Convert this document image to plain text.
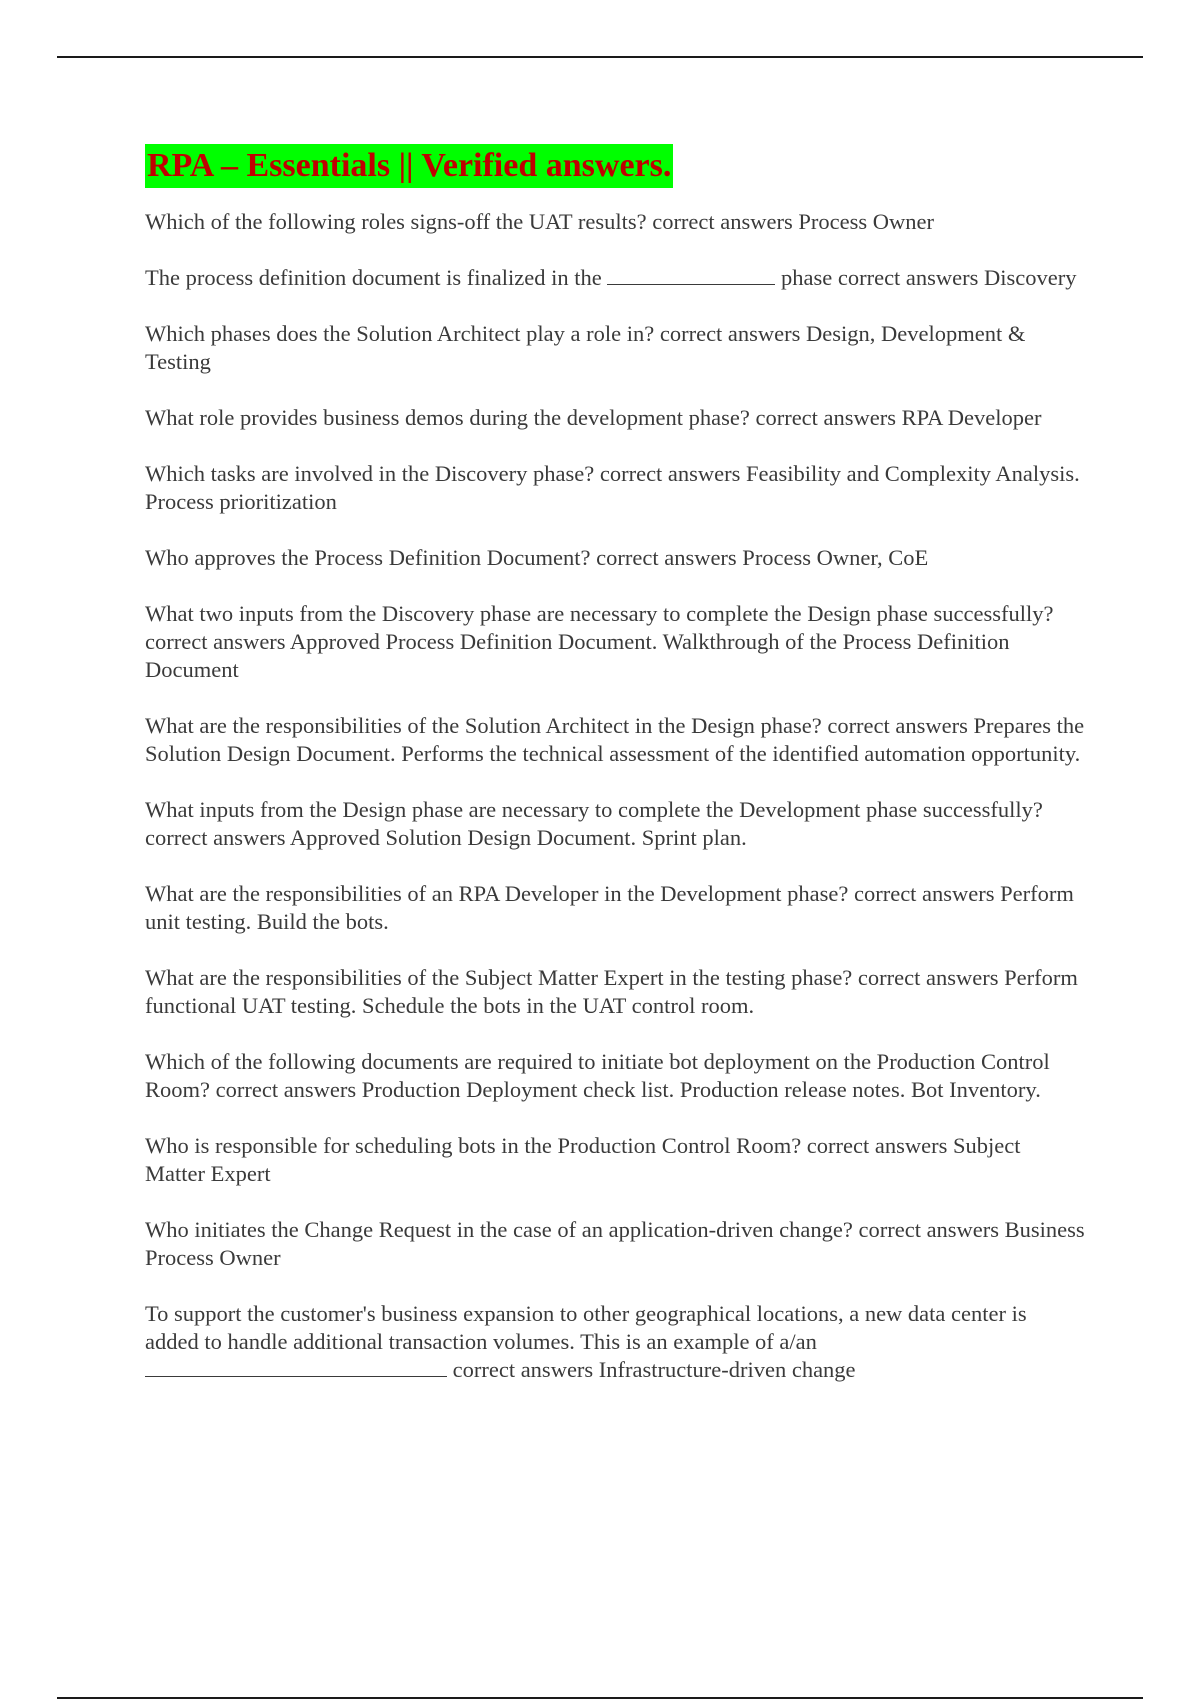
RPA – Essentials || Verified answers.

Which of the following roles signs-off the UAT results? correct answers Process Owner

The process definition document is finalized in the	phase correct answers Discovery

Which phases does the Solution Architect play a role in? correct answers Design, Development & Testing

What role provides business demos during the development phase? correct answers RPA Developer

Which tasks are involved in the Discovery phase? correct answers Feasibility and Complexity Analysis. Process prioritization

Who approves the Process Definition Document? correct answers Process Owner, CoE

What two inputs from the Discovery phase are necessary to complete the Design phase successfully? correct answers Approved Process Definition Document. Walkthrough of the Process Definition Document

What are the responsibilities of the Solution Architect in the Design phase? correct answers Prepares the Solution Design Document. Performs the technical assessment of the identified automation opportunity.

What inputs from the Design phase are necessary to complete the Development phase successfully? correct answers Approved Solution Design Document. Sprint plan.

What are the responsibilities of an RPA Developer in the Development phase? correct answers Perform unit testing. Build the bots.

What are the responsibilities of the Subject Matter Expert in the testing phase? correct answers Perform functional UAT testing. Schedule the bots in the UAT control room.

Which of the following documents are required to initiate bot deployment on the Production Control Room? correct answers Production Deployment check list. Production release notes. Bot Inventory.

Who is responsible for scheduling bots in the Production Control Room? correct answers Subject Matter Expert

Who initiates the Change Request in the case of an application-driven change? correct answers Business Process Owner

To support the customer's business expansion to other geographical locations, a new data center is added to handle additional transaction volumes. This is an example of a/an  correct answers Infrastructure-driven change
